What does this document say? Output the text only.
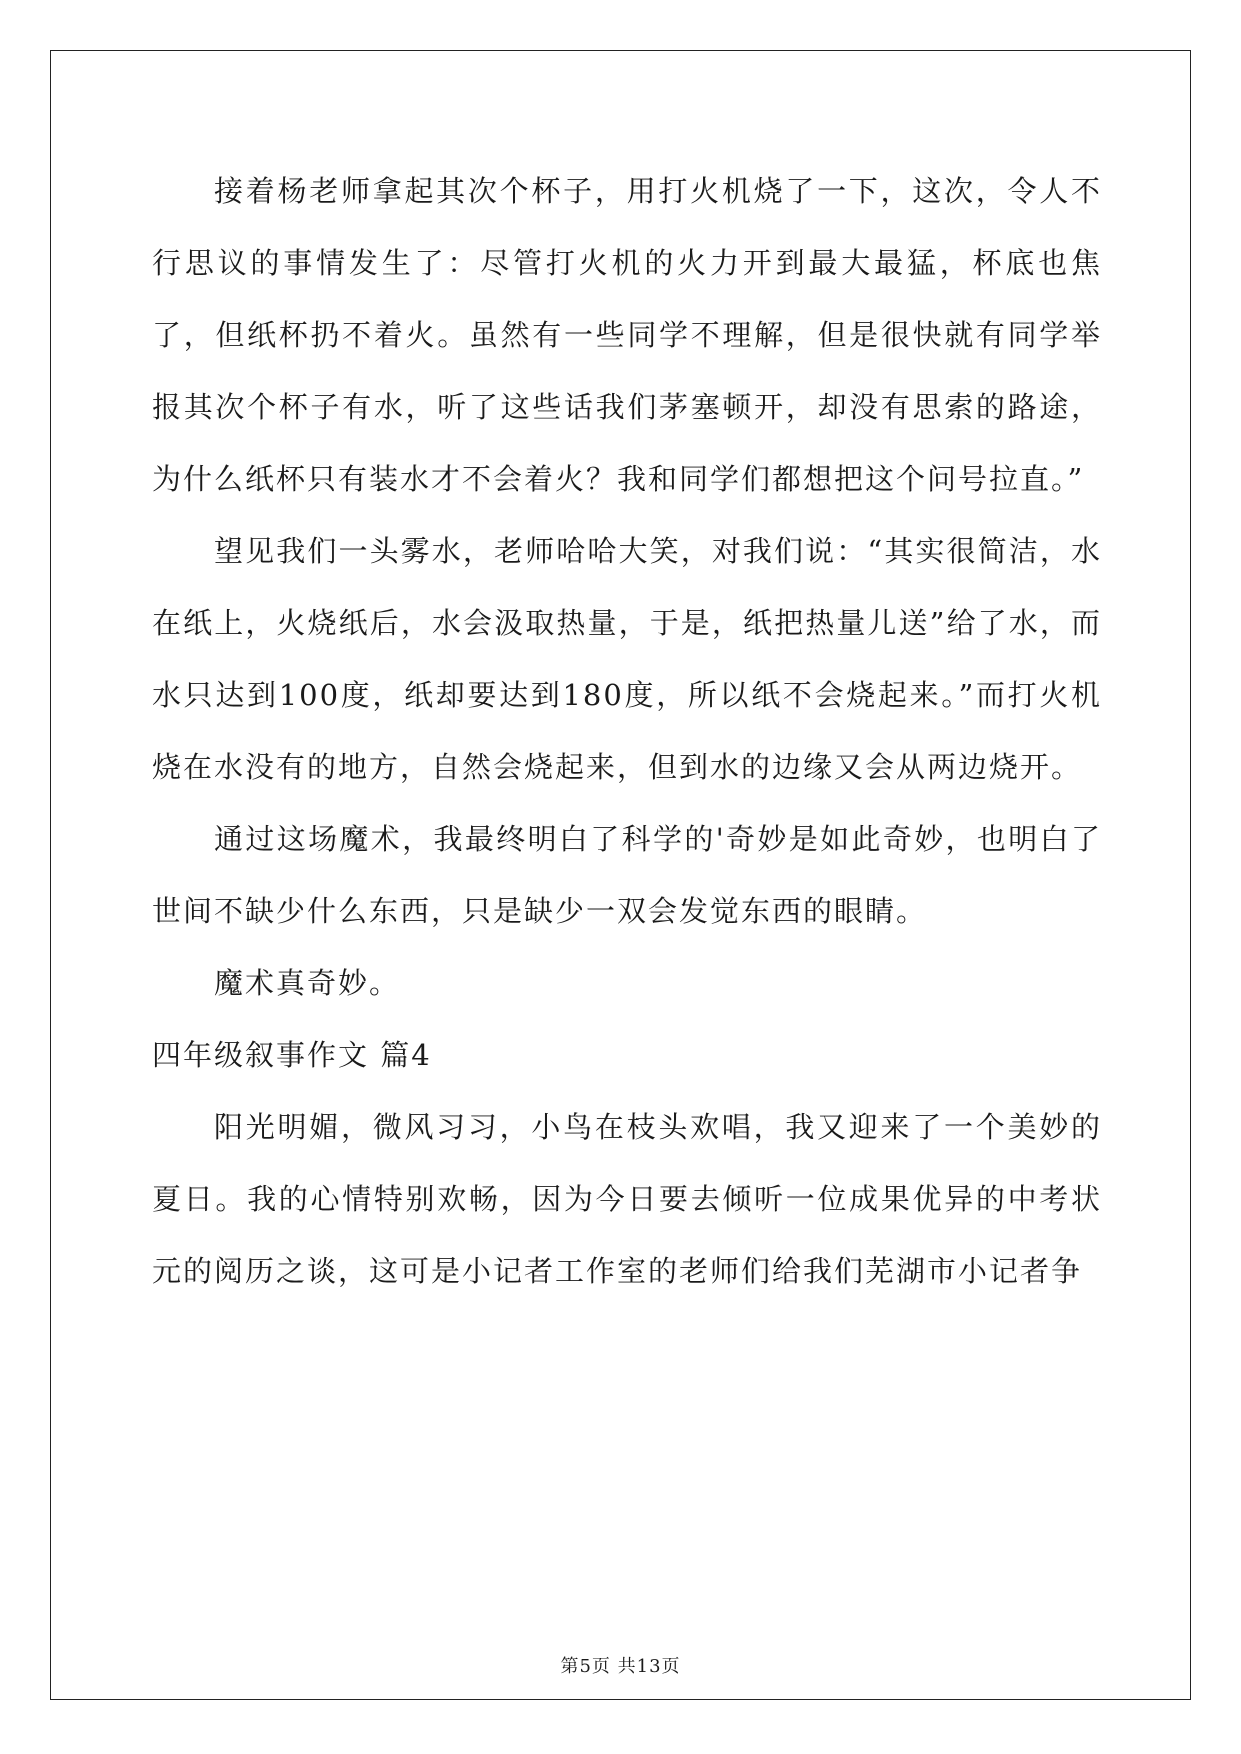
接着杨老师拿起其次个杯子，用打火机烧了一下，这次，令人不行思议的事情发生了：尽管打火机的火力开到最大最猛，杯底也焦了，但纸杯扔不着火。虽然有一些同学不理解，但是很快就有同学举报其次个杯子有水，听了这些话我们茅塞顿开，却没有思索的路途，为什么纸杯只有装水才不会着火？我和同学们都想把这个问号拉直。”

望见我们一头雾水，老师哈哈大笑，对我们说：“其实很简洁，水在纸上，火烧纸后，水会汲取热量，于是，纸把热量儿送”给了水，而水只达到100度，纸却要达到180度，所以纸不会烧起来。”而打火机烧在水没有的地方，自然会烧起来，但到水的边缘又会从两边烧开。

通过这场魔术，我最终明白了科学的'奇妙是如此奇妙，也明白了世间不缺少什么东西，只是缺少一双会发觉东西的眼睛。

魔术真奇妙。

四年级叙事作文 篇4

阳光明媚，微风习习，小鸟在枝头欢唱，我又迎来了一个美妙的夏日。我的心情特别欢畅，因为今日要去倾听一位成果优异的中考状元的阅历之谈，这可是小记者工作室的老师们给我们芜湖市小记者争

第5页 共13页
